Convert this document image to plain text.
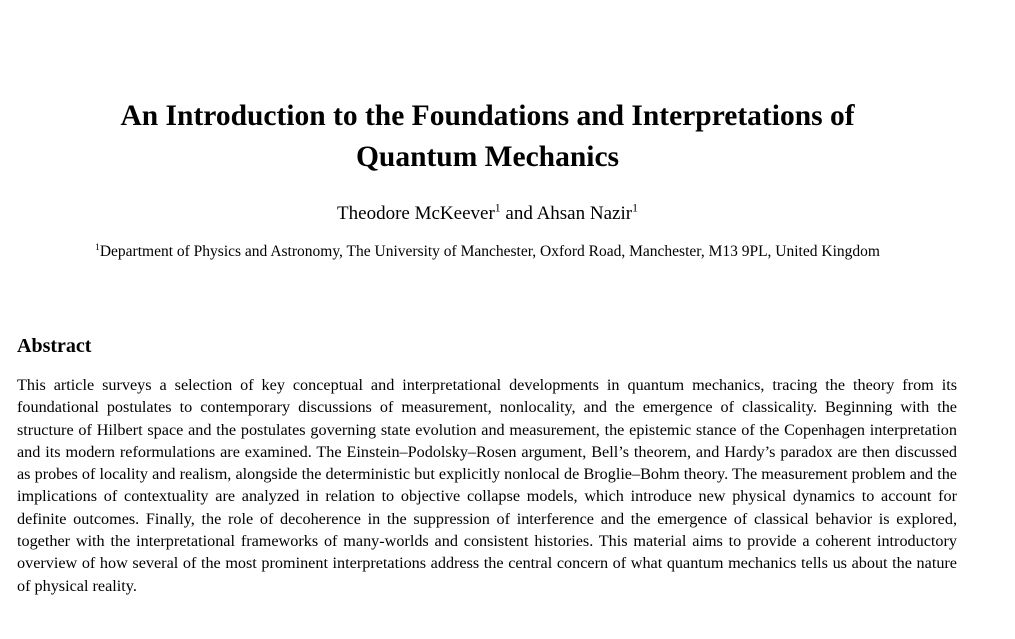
An Introduction to the Foundations and Interpretations of
Quantum Mechanics

Theodore McKeever$^1$ and Ahsan Nazir$^1$

$^1$Department of Physics and Astronomy, The University of Manchester, Oxford Road, Manchester, M13 9PL, United Kingdom

Abstract

This article surveys a selection of key conceptual and interpretational developments in quantum mechanics, tracing the theory from its foundational postulates to contemporary discussions of measurement, nonlocality, and the emergence of classicality. Beginning with the structure of Hilbert space and the postulates governing state evolution and measurement, the epistemic stance of the Copenhagen interpretation and its modern reformulations are examined. The Einstein–Podolsky–Rosen argument, Bell’s theorem, and Hardy’s paradox are then discussed as probes of locality and realism, alongside the deterministic but explicitly nonlocal de Broglie–Bohm theory. The measurement problem and the implications of contextuality are analyzed in relation to objective collapse models, which introduce new physical dynamics to account for definite outcomes. Finally, the role of decoherence in the suppression of interference and the emergence of classical behavior is explored, together with the interpretational frameworks of many-worlds and consistent histories. This material aims to provide a coherent introductory overview of how several of the most prominent interpretations address the central concern of what quantum mechanics tells us about the nature of physical reality.
